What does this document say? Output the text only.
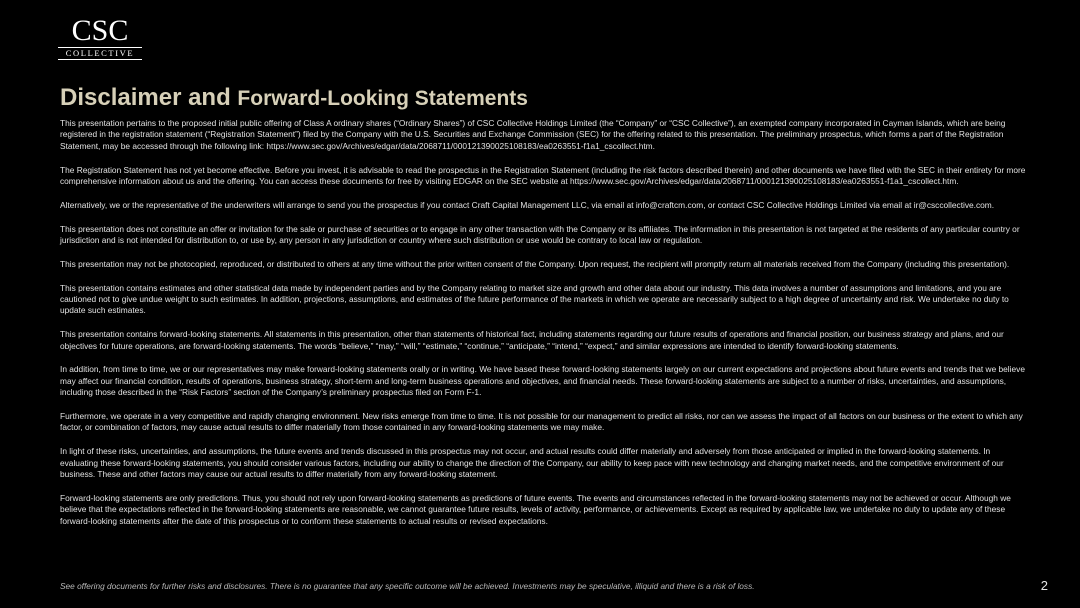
CSC
COLLECTIVE
Disclaimer and Forward-Looking Statements

This presentation pertains to the proposed initial public offering of Class A ordinary shares (“Ordinary Shares”) of CSC Collective Holdings Limited (the “Company” or “CSC Collective”), an exempted company incorporated in Cayman Islands, which are being registered in the registration statement (“Registration Statement”) filed by the Company with the U.S. Securities and Exchange Commission (SEC) for the offering related to this presentation. The preliminary prospectus, which forms a part of the Registration Statement, may be accessed through the following link: https://www.sec.gov/Archives/edgar/data/2068711/000121390025108183/ea0263551-f1a1_cscollect.htm.

The Registration Statement has not yet become effective. Before you invest, it is advisable to read the prospectus in the Registration Statement (including the risk factors described therein) and other documents we have filed with the SEC in their entirety for more comprehensive information about us and the offering. You can access these documents for free by visiting EDGAR on the SEC website at https://www.sec.gov/Archives/edgar/data/2068711/000121390025108183/ea0263551-f1a1_cscollect.htm.

Alternatively, we or the representative of the underwriters will arrange to send you the prospectus if you contact Craft Capital Management LLC, via email at info@craftcm.com, or contact CSC Collective Holdings Limited via email at ir@csccollective.com.

This presentation does not constitute an offer or invitation for the sale or purchase of securities or to engage in any other transaction with the Company or its affiliates. The information in this presentation is not targeted at the residents of any particular country or jurisdiction and is not intended for distribution to, or use by, any person in any jurisdiction or country where such distribution or use would be contrary to local law or regulation.

This presentation may not be photocopied, reproduced, or distributed to others at any time without the prior written consent of the Company. Upon request, the recipient will promptly return all materials received from the Company (including this presentation).

This presentation contains estimates and other statistical data made by independent parties and by the Company relating to market size and growth and other data about our industry. This data involves a number of assumptions and limitations, and you are cautioned not to give undue weight to such estimates. In addition, projections, assumptions, and estimates of the future performance of the markets in which we operate are necessarily subject to a high degree of uncertainty and risk. We undertake no duty to update such estimates.

This presentation contains forward-looking statements. All statements in this presentation, other than statements of historical fact, including statements regarding our future results of operations and financial position, our business strategy and plans, and our objectives for future operations, are forward-looking statements. The words “believe,” “may,” “will,” “estimate,” “continue,” “anticipate,” “intend,” “expect,” and similar expressions are intended to identify forward-looking statements.

In addition, from time to time, we or our representatives may make forward-looking statements orally or in writing. We have based these forward-looking statements largely on our current expectations and projections about future events and trends that we believe may affect our financial condition, results of operations, business strategy, short-term and long-term business operations and objectives, and financial needs. These forward-looking statements are subject to a number of risks, uncertainties, and assumptions, including those described in the “Risk Factors” section of the Company’s preliminary prospectus filed on Form F-1.

Furthermore, we operate in a very competitive and rapidly changing environment. New risks emerge from time to time. It is not possible for our management to predict all risks, nor can we assess the impact of all factors on our business or the extent to which any factor, or combination of factors, may cause actual results to differ materially from those contained in any forward-looking statements we may make.

In light of these risks, uncertainties, and assumptions, the future events and trends discussed in this prospectus may not occur, and actual results could differ materially and adversely from those anticipated or implied in the forward-looking statements. In evaluating these forward-looking statements, you should consider various factors, including our ability to change the direction of the Company, our ability to keep pace with new technology and changing market needs, and the competitive environment of our business. These and other factors may cause our actual results to differ materially from any forward-looking statement.

Forward-looking statements are only predictions. Thus, you should not rely upon forward-looking statements as predictions of future events. The events and circumstances reflected in the forward-looking statements may not be achieved or occur. Although we believe that the expectations reflected in the forward-looking statements are reasonable, we cannot guarantee future results, levels of activity, performance, or achievements. Except as required by applicable law, we undertake no duty to update any of these forward-looking statements after the date of this prospectus or to conform these statements to actual results or revised expectations.

See offering documents for further risks and disclosures. There is no guarantee that any specific outcome will be achieved. Investments may be speculative, illiquid and there is a risk of loss.	2
